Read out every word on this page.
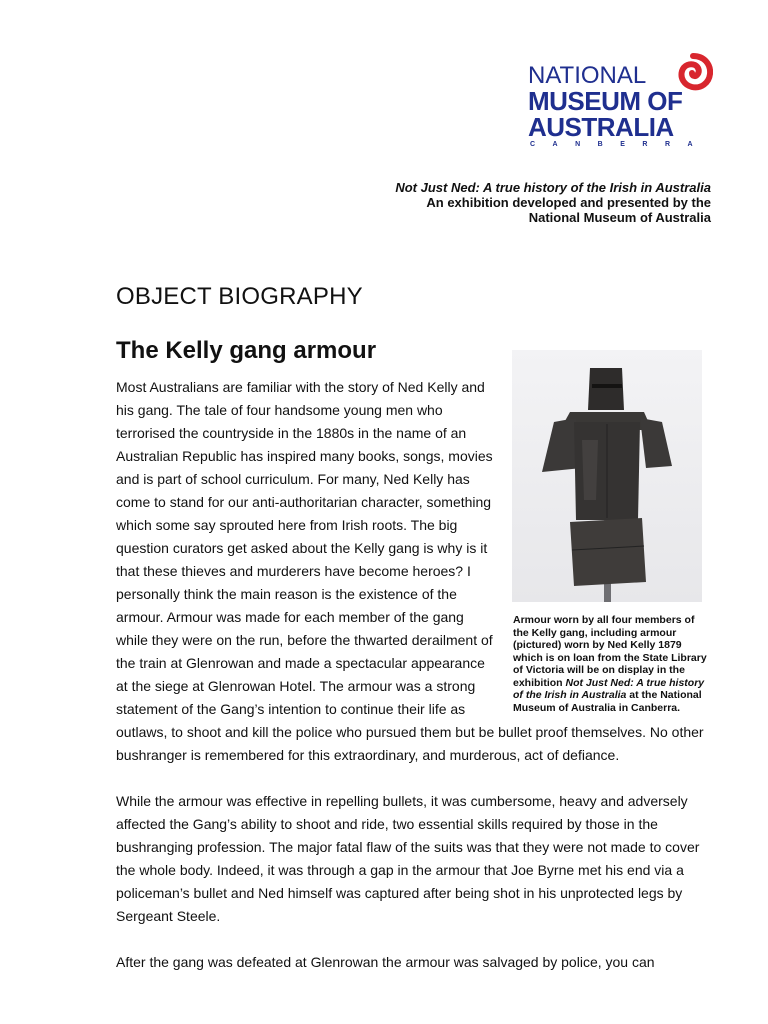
NATIONAL
MUSEUM OF
AUSTRALIA
CANBERRA
Not Just Ned: A true history of the Irish in Australia
An exhibition developed and presented by the
National Museum of Australia
OBJECT BIOGRAPHY
The Kelly gang armour
Armour worn by all four members of the Kelly gang, including armour (pictured) worn by Ned Kelly 1879 which is on loan from the State Library of Victoria will be on display in the exhibition Not Just Ned: A true history of the Irish in Australia at the National Museum of Australia in Canberra.

Most Australians are familiar with the story of Ned Kelly and his gang. The tale of four handsome young men who terrorised the countryside in the 1880s in the name of an Australian Republic has inspired many books, songs, movies and is part of school curriculum. For many, Ned Kelly has come to stand for our anti-authoritarian character, something which some say sprouted here from Irish roots. The big question curators get asked about the Kelly gang is why is it that these thieves and murderers have become heroes? I personally think the main reason is the existence of the armour. Armour was made for each member of the gang while they were on the run, before the thwarted derailment of the train at Glenrowan and made a spectacular appearance at the siege at Glenrowan Hotel. The armour was a strong statement of the Gang’s intention to continue their life as outlaws, to shoot and kill the police who pursued them but be bullet proof themselves. No other bushranger is remembered for this extraordinary, and murderous, act of defiance.

While the armour was effective in repelling bullets, it was cumbersome, heavy and adversely affected the Gang’s ability to shoot and ride, two essential skills required by those in the bushranging profession. The major fatal flaw of the suits was that they were not made to cover the whole body. Indeed, it was through a gap in the armour that Joe Byrne met his end via a policeman’s bullet and Ned himself was captured after being shot in his unprotected legs by Sergeant Steele.

After the gang was defeated at Glenrowan the armour was salvaged by police, you can
